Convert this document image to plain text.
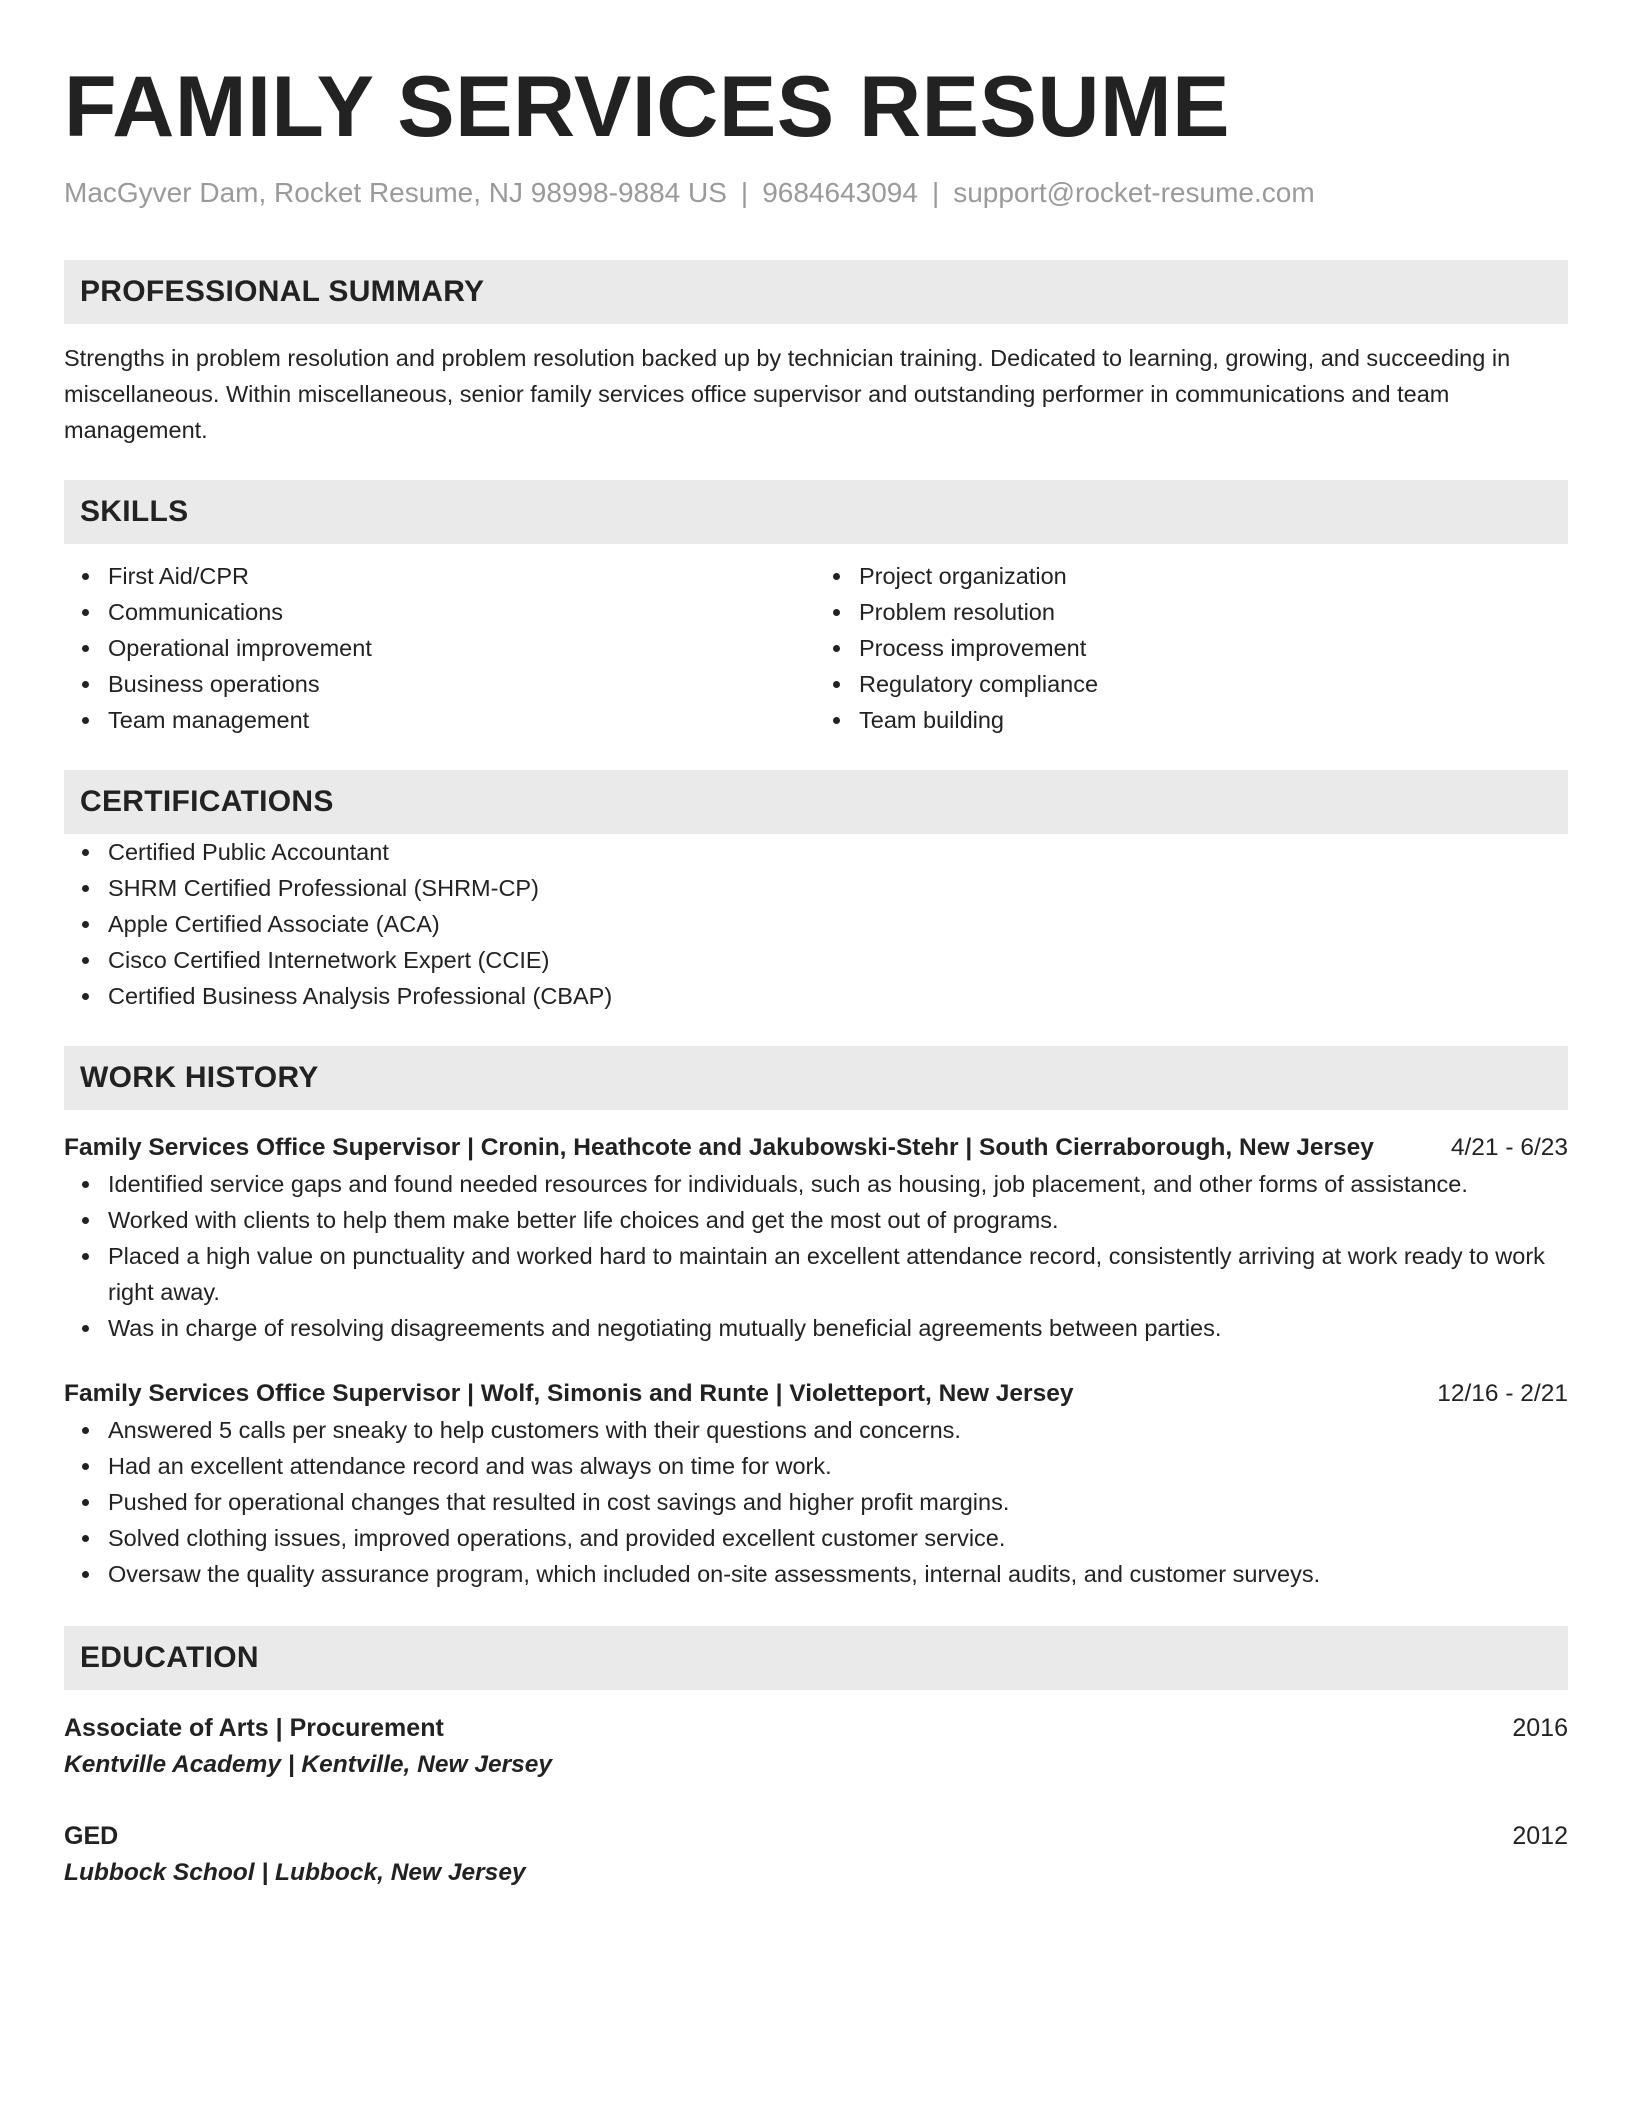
FAMILY SERVICES RESUME
MacGyver Dam, Rocket Resume, NJ 98998-9884 US | 9684643094 | support@rocket-resume.com
PROFESSIONAL SUMMARY

Strengths in problem resolution and problem resolution backed up by technician training. Dedicated to learning, growing, and succeeding in miscellaneous. Within miscellaneous, senior family services office supervisor and outstanding performer in communications and team management.

SKILLS
First Aid/CPR
Communications
Operational improvement
Business operations
Team management
Project organization
Problem resolution
Process improvement
Regulatory compliance
Team building
CERTIFICATIONS
Certified Public Accountant
SHRM Certified Professional (SHRM-CP)
Apple Certified Associate (ACA)
Cisco Certified Internetwork Expert (CCIE)
Certified Business Analysis Professional (CBAP)
WORK HISTORY
Family Services Office Supervisor | Cronin, Heathcote and Jakubowski-Stehr | South Cierraborough, New Jersey	4/21 - 6/23
Identified service gaps and found needed resources for individuals, such as housing, job placement, and other forms of assistance.
Worked with clients to help them make better life choices and get the most out of programs.
Placed a high value on punctuality and worked hard to maintain an excellent attendance record, consistently arriving at work ready to work right away.
Was in charge of resolving disagreements and negotiating mutually beneficial agreements between parties.
Family Services Office Supervisor | Wolf, Simonis and Runte | Violetteport, New Jersey	12/16 - 2/21
Answered 5 calls per sneaky to help customers with their questions and concerns.
Had an excellent attendance record and was always on time for work.
Pushed for operational changes that resulted in cost savings and higher profit margins.
Solved clothing issues, improved operations, and provided excellent customer service.
Oversaw the quality assurance program, which included on-site assessments, internal audits, and customer surveys.
EDUCATION
Associate of Arts | Procurement	2016
Kentville Academy | Kentville, New Jersey
GED	2012
Lubbock School | Lubbock, New Jersey
